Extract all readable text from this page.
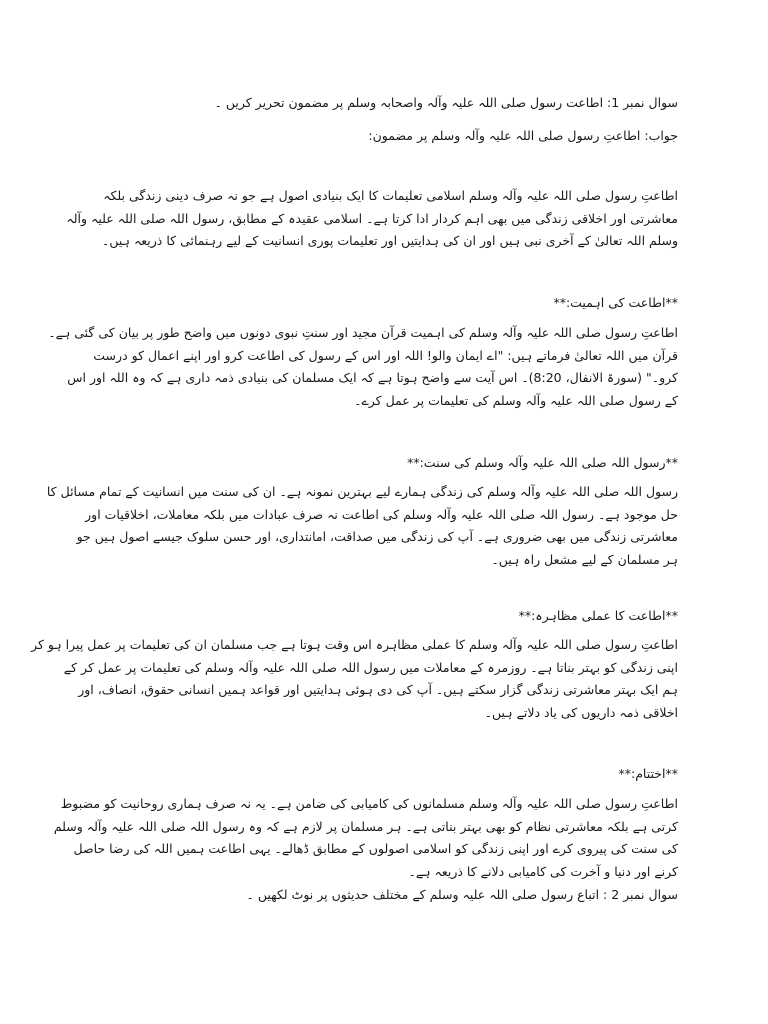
سوال نمبر 1: اطاعت رسول صلی اللہ علیہ وآلہ واصحابہ وسلم پر مضمون تحریر کریں ۔
جواب: اطاعتِ رسول صلی اللہ علیہ وآلہ وسلم پر مضمون:
اطاعتِ رسول صلی اللہ علیہ وآلہ وسلم اسلامی تعلیمات کا ایک بنیادی اصول ہے جو نہ صرف دینی زندگی بلکہ
معاشرتی اور اخلاقی زندگی میں بھی اہم کردار ادا کرتا ہے۔ اسلامی عقیدہ کے مطابق، رسول اللہ صلی اللہ علیہ وآلہ
وسلم اللہ تعالیٰ کے آخری نبی ہیں اور ان کی ہدایتیں اور تعلیمات پوری انسانیت کے لیے رہنمائی کا ذریعہ ہیں۔
**اطاعت کی اہمیت:**
اطاعتِ رسول صلی اللہ علیہ وآلہ وسلم کی اہمیت قرآن مجید اور سنتِ نبوی دونوں میں واضح طور پر بیان کی گئی ہے۔
قرآن میں اللہ تعالیٰ فرماتے ہیں: "اے ایمان والو! اللہ اور اس کے رسول کی اطاعت کرو اور اپنے اعمال کو درست
کرو۔" (سورۃ الانفال، 8:20)۔ اس آیت سے واضح ہوتا ہے کہ ایک مسلمان کی بنیادی ذمہ داری ہے کہ وہ اللہ اور اس
کے رسول صلی اللہ علیہ وآلہ وسلم کی تعلیمات پر عمل کرے۔
**رسول اللہ صلی اللہ علیہ وآلہ وسلم کی سنت:**
رسول اللہ صلی اللہ علیہ وآلہ وسلم کی زندگی ہمارے لیے بہترین نمونہ ہے۔ ان کی سنت میں انسانیت کے تمام مسائل کا
حل موجود ہے۔ رسول اللہ صلی اللہ علیہ وآلہ وسلم کی اطاعت نہ صرف عبادات میں بلکہ معاملات، اخلاقیات اور
معاشرتی زندگی میں بھی ضروری ہے۔ آپ کی زندگی میں صداقت، امانتداری، اور حسن سلوک جیسے اصول ہیں جو
ہر مسلمان کے لیے مشعل راہ ہیں۔
**اطاعت کا عملی مظاہرہ:**
اطاعتِ رسول صلی اللہ علیہ وآلہ وسلم کا عملی مظاہرہ اس وقت ہوتا ہے جب مسلمان ان کی تعلیمات پر عمل پیرا ہو کر
اپنی زندگی کو بہتر بناتا ہے۔ روزمرہ کے معاملات میں رسول اللہ صلی اللہ علیہ وآلہ وسلم کی تعلیمات پر عمل کر کے
ہم ایک بہتر معاشرتی زندگی گزار سکتے ہیں۔ آپ کی دی ہوئی ہدایتیں اور قواعد ہمیں انسانی حقوق، انصاف، اور
اخلاقی ذمہ داریوں کی یاد دلاتے ہیں۔
**اختتام:**
اطاعتِ رسول صلی اللہ علیہ وآلہ وسلم مسلمانوں کی کامیابی کی ضامن ہے۔ یہ نہ صرف ہماری روحانیت کو مضبوط
کرتی ہے بلکہ معاشرتی نظام کو بھی بہتر بناتی ہے۔ ہر مسلمان پر لازم ہے کہ وہ رسول اللہ صلی اللہ علیہ وآلہ وسلم
کی سنت کی پیروی کرے اور اپنی زندگی کو اسلامی اصولوں کے مطابق ڈھالے۔ یہی اطاعت ہمیں اللہ کی رضا حاصل
کرنے اور دنیا و آخرت کی کامیابی دلانے کا ذریعہ ہے۔
سوال نمبر 2 : اتباع رسول صلی اللہ علیہ وسلم کے مختلف حدیثوں پر نوٹ لکھیں ۔
